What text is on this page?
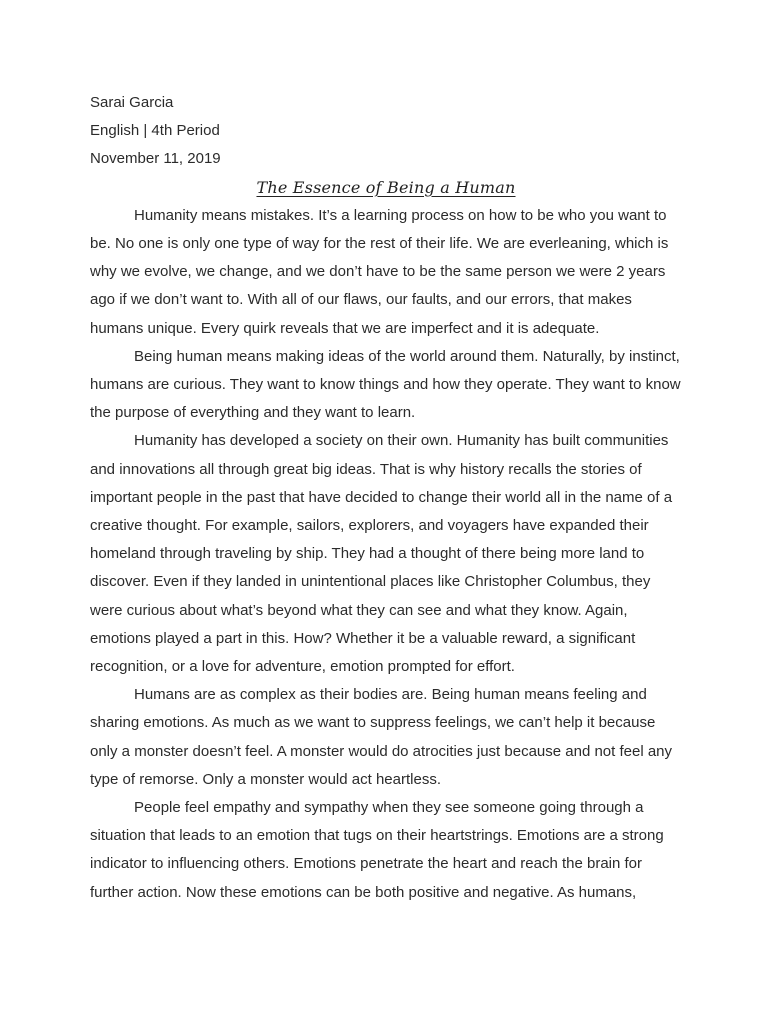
Sarai Garcia
English | 4th Period
November 11, 2019
The Essence of Being a Human

Humanity means mistakes. It’s a learning process on how to be who you want to be. No one is only one type of way for the rest of their life. We are everleaning, which is why we evolve, we change, and we don’t have to be the same person we were 2 years ago if we don’t want to. With all of our flaws, our faults, and our errors, that makes humans unique. Every quirk reveals that we are imperfect and it is adequate.

Being human means making ideas of the world around them. Naturally, by instinct, humans are curious. They want to know things and how they operate. They want to know the purpose of everything and they want to learn.

Humanity has developed a society on their own. Humanity has built communities and innovations all through great big ideas. That is why history recalls the stories of important people in the past that have decided to change their world all in the name of a creative thought. For example, sailors, explorers, and voyagers have expanded their homeland through traveling by ship. They had a thought of there being more land to discover. Even if they landed in unintentional places like Christopher Columbus, they were curious about what’s beyond what they can see and what they know. Again, emotions played a part in this. How? Whether it be a valuable reward, a significant recognition, or a love for adventure, emotion prompted for effort.

Humans are as complex as their bodies are. Being human means feeling and sharing emotions. As much as we want to suppress feelings, we can’t help it because only a monster doesn’t feel. A monster would do atrocities just because and not feel any type of remorse. Only a monster would act heartless.

People feel empathy and sympathy when they see someone going through a situation that leads to an emotion that tugs on their heartstrings. Emotions are a strong indicator to influencing others. Emotions penetrate the heart and reach the brain for further action. Now these emotions can be both positive and negative. As humans,
